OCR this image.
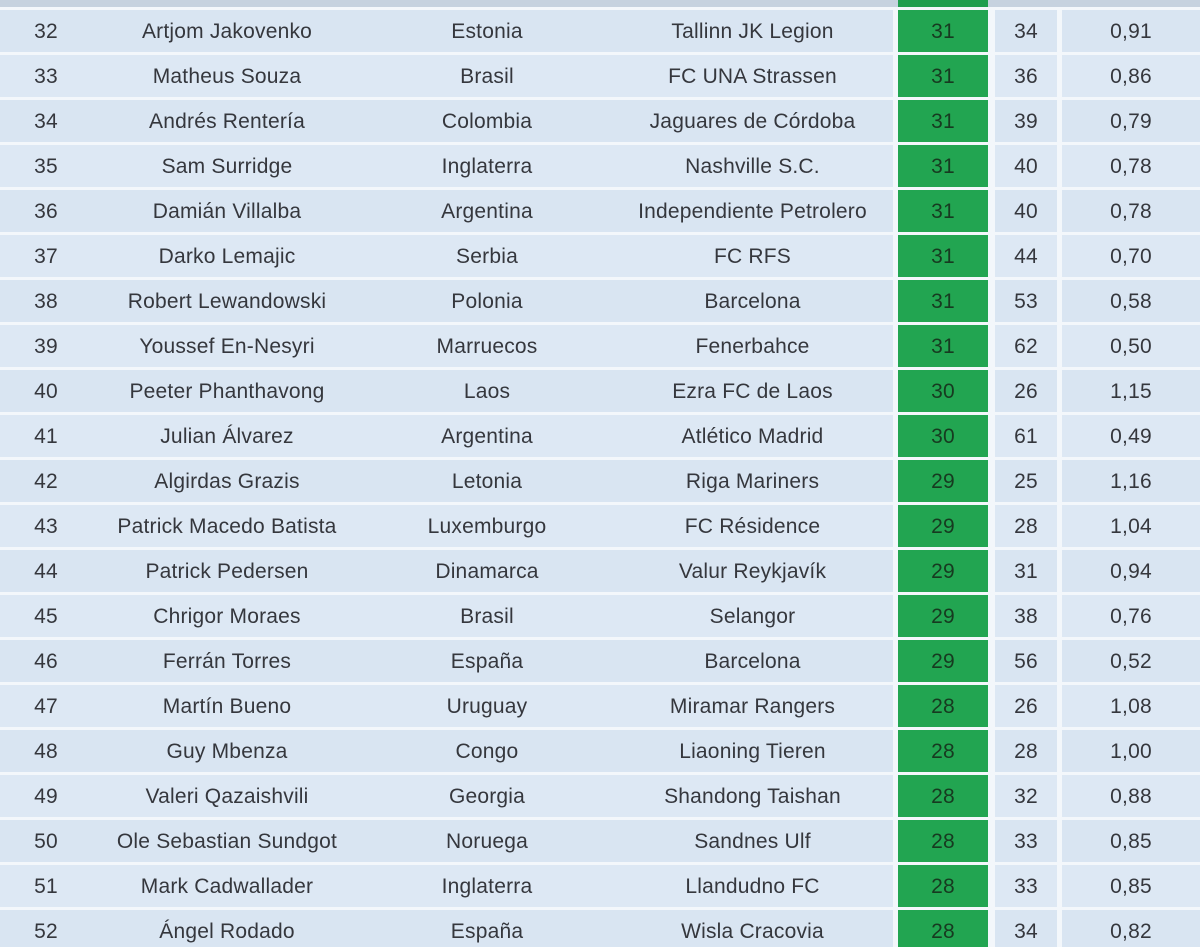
32	Artjom Jakovenko	Estonia	Tallinn JK Legion	31	34	0,91
33	Matheus Souza	Brasil	FC UNA Strassen	31	36	0,86
34	Andrés Rentería	Colombia	Jaguares de Córdoba	31	39	0,79
35	Sam Surridge	Inglaterra	Nashville S.C.	31	40	0,78
36	Damián Villalba	Argentina	Independiente Petrolero	31	40	0,78
37	Darko Lemajic	Serbia	FC RFS	31	44	0,70
38	Robert Lewandowski	Polonia	Barcelona	31	53	0,58
39	Youssef En-Nesyri	Marruecos	Fenerbahce	31	62	0,50
40	Peeter Phanthavong	Laos	Ezra FC de Laos	30	26	1,15
41	Julian Álvarez	Argentina	Atlético Madrid	30	61	0,49
42	Algirdas Grazis	Letonia	Riga Mariners	29	25	1,16
43	Patrick Macedo Batista	Luxemburgo	FC Résidence	29	28	1,04
44	Patrick Pedersen	Dinamarca	Valur Reykjavík	29	31	0,94
45	Chrigor Moraes	Brasil	Selangor	29	38	0,76
46	Ferrán Torres	España	Barcelona	29	56	0,52
47	Martín Bueno	Uruguay	Miramar Rangers	28	26	1,08
48	Guy Mbenza	Congo	Liaoning Tieren	28	28	1,00
49	Valeri Qazaishvili	Georgia	Shandong Taishan	28	32	0,88
50	Ole Sebastian Sundgot	Noruega	Sandnes Ulf	28	33	0,85
51	Mark Cadwallader	Inglaterra	Llandudno FC	28	33	0,85
52	Ángel Rodado	España	Wisla Cracovia	28	34	0,82
